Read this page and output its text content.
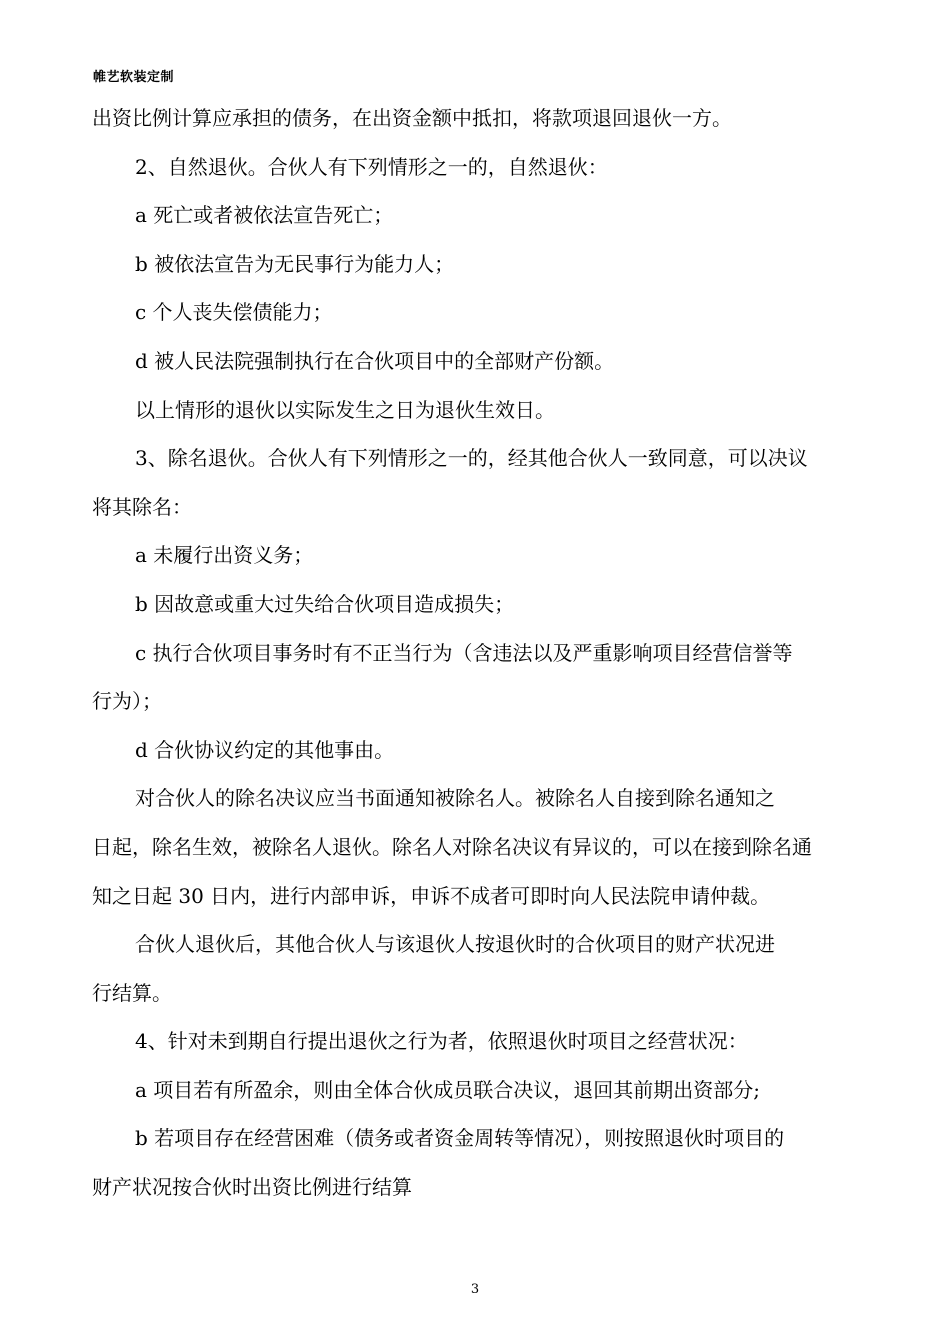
帷艺软装定制

出资比例计算应承担的债务，在出资金额中抵扣，将款项退回退伙一方。

2、自然退伙。合伙人有下列情形之一的，自然退伙：

a 死亡或者被依法宣告死亡；

b 被依法宣告为无民事行为能力人；

c 个人丧失偿债能力；

d 被人民法院强制执行在合伙项目中的全部财产份额。

以上情形的退伙以实际发生之日为退伙生效日。

3、除名退伙。合伙人有下列情形之一的，经其他合伙人一致同意，可以决议

将其除名：

a 未履行出资义务；

b 因故意或重大过失给合伙项目造成损失；

c 执行合伙项目事务时有不正当行为（含违法以及严重影响项目经营信誉等

行为）；

d 合伙协议约定的其他事由。

对合伙人的除名决议应当书面通知被除名人。被除名人自接到除名通知之

日起，除名生效，被除名人退伙。除名人对除名决议有异议的，可以在接到除名通

知之日起 30 日内，进行内部申诉，申诉不成者可即时向人民法院申请仲裁。

合伙人退伙后，其他合伙人与该退伙人按退伙时的合伙项目的财产状况进

行结算。

4、针对未到期自行提出退伙之行为者，依照退伙时项目之经营状况：

a 项目若有所盈余，则由全体合伙成员联合决议，退回其前期出资部分;

b 若项目存在经营困难（债务或者资金周转等情况），则按照退伙时项目的

财产状况按合伙时出资比例进行结算

3
